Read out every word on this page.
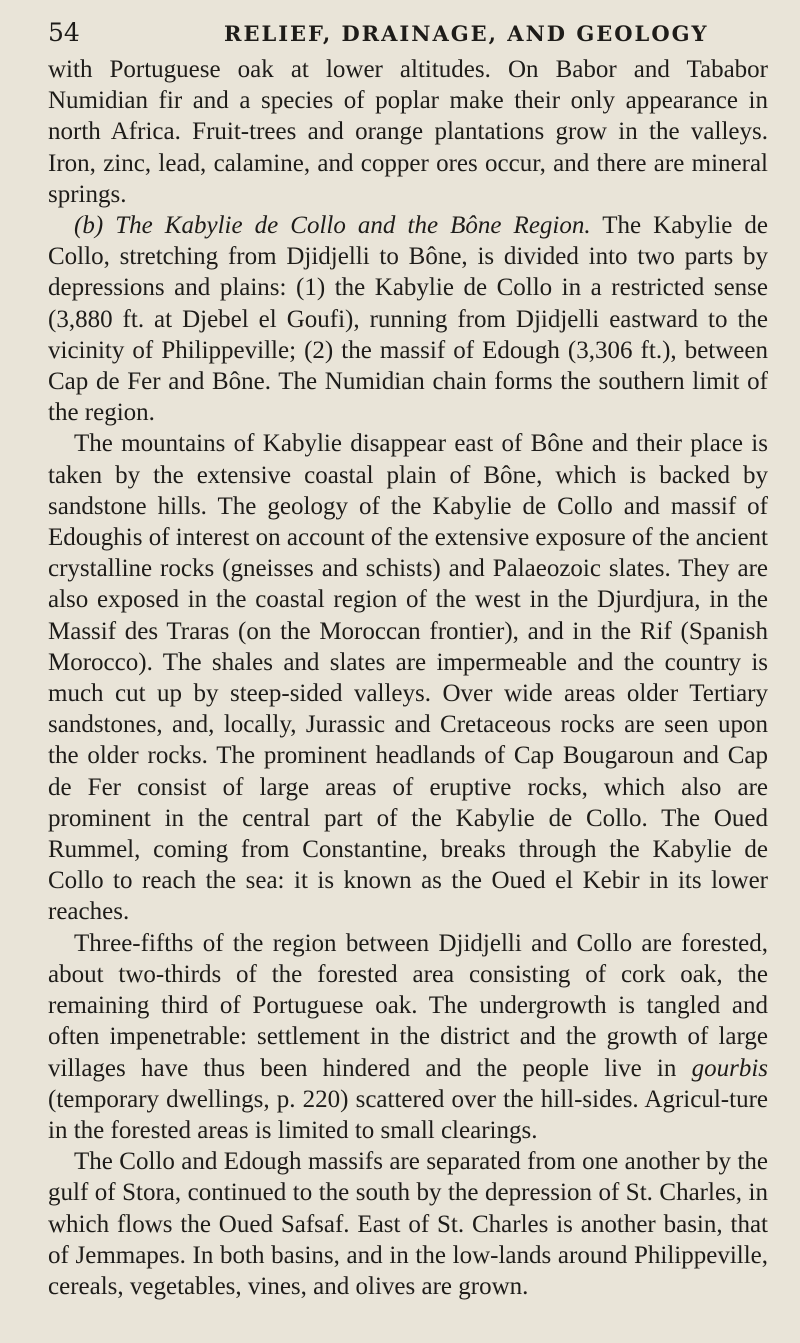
54	RELIEF, DRAINAGE, AND GEOLOGY

with Portuguese oak at lower altitudes. On Babor and Tababor Numidian fir and a species of poplar make their only appearance in north Africa. Fruit-trees and orange plantations grow in the valleys. Iron, zinc, lead, calamine, and copper ores occur, and there are mineral springs.

(b) The Kabylie de Collo and the Bône Region. The Kabylie de Collo, stretching from Djidjelli to Bône, is divided into two parts by depressions and plains: (1) the Kabylie de Collo in a restricted sense (3,880 ft. at Djebel el Goufi), running from Djidjelli eastward to the vicinity of Philippeville; (2) the massif of Edough (3,306 ft.), between Cap de Fer and Bône. The Numidian chain forms the southern limit of the region.

The mountains of Kabylie disappear east of Bône and their place is taken by the extensive coastal plain of Bône, which is backed by sandstone hills. The geology of the Kabylie de Collo and massif of Edoughis of interest on account of the extensive exposure of the ancient crystalline rocks (gneisses and schists) and Palaeozoic slates. They are also exposed in the coastal region of the west in the Djurdjura, in the Massif des Traras (on the Moroccan frontier), and in the Rif (Spanish Morocco). The shales and slates are impermeable and the country is much cut up by steep-sided valleys. Over wide areas older Tertiary sandstones, and, locally, Jurassic and Cretaceous rocks are seen upon the older rocks. The prominent headlands of Cap Bougaroun and Cap de Fer consist of large areas of eruptive rocks, which also are prominent in the central part of the Kabylie de Collo. The Oued Rummel, coming from Constantine, breaks through the Kabylie de Collo to reach the sea: it is known as the Oued el Kebir in its lower reaches.

Three-fifths of the region between Djidjelli and Collo are forested, about two-thirds of the forested area consisting of cork oak, the remaining third of Portuguese oak. The undergrowth is tangled and often impenetrable: settlement in the district and the growth of large villages have thus been hindered and the people live in gourbis (temporary dwellings, p. 220) scattered over the hill-sides. Agricul-ture in the forested areas is limited to small clearings.

The Collo and Edough massifs are separated from one another by the gulf of Stora, continued to the south by the depression of St. Charles, in which flows the Oued Safsaf. East of St. Charles is another basin, that of Jemmapes. In both basins, and in the low-lands around Philippeville, cereals, vegetables, vines, and olives are grown.
